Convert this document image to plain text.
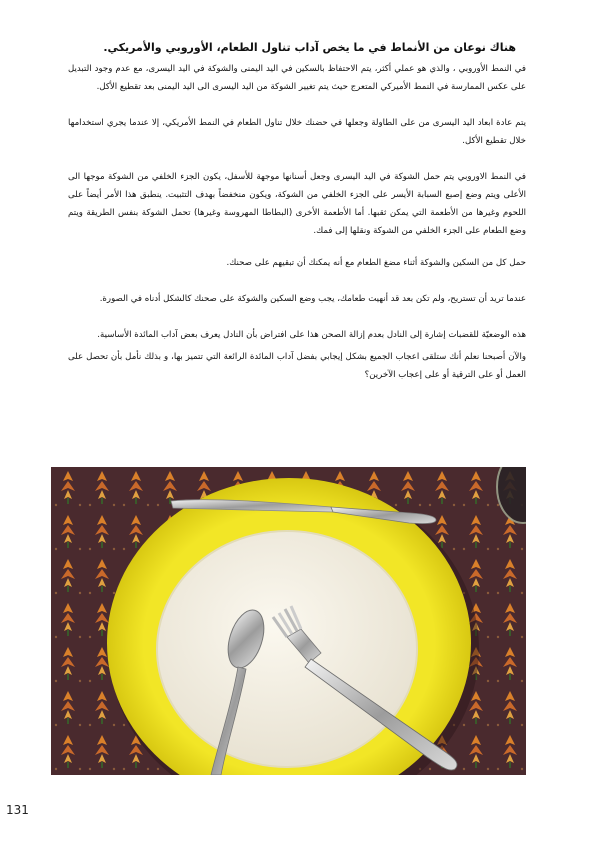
هناك نوعان من الأنماط في ما يخص آداب تناول الطعام، الأوروبي والأمريكي.

في النمط الأوروبي ، والذي هو عملي أكثر، يتم الاحتفاظ بالسكين في اليد اليمنى والشوكة في اليد اليسرى، مع عدم وجود التبديل على عكس الممارسة في النمط الأميركي المتعرج حيث يتم تغيير الشوكة من اليد اليسرى الى اليد اليمنى بعد تقطيع الأكل.

يتم عادة ابعاد اليد اليسرى من على الطاولة وجعلها في حضنك خلال تناول الطعام في النمط الأمريكي، إلا عندما يجري استخدامها خلال تقطيع الأكل.

في النمط الاوروبي يتم حمل الشوكة في اليد اليسرى وجعل أسنانها موجهة للأسفل، يكون الجزء الخلفي من الشوكة موجها الى الأعلى ويتم وضع إصبع السبابة الأيسر على الجزء الخلفي من الشوكة، ويكون منخفضاً بهدف التثبيت. ينطبق هذا الأمر أيضاً على اللحوم وغيرها من الأطعمة التي يمكن ثقبها. أما الأطعمة الأخرى (البطاطا المهروسة وغيرها) تحمل الشوكة بنفس الطريقة ويتم وضع الطعام على الجزء الخلفي من الشوكة ونقلها إلى فمك.

حمل كل من السكين والشوكة أثناء مضغ الطعام مع أنه يمكنك أن تبقيهم على صحنك.

عندما تريد أن تستريح، ولم تكن بعد قد أنهيت طعامك، يجب وضع السكين والشوكة على صحنك كالشكل أدناه في الصورة.

هذه الوضعيّة للقضبات إشارة إلى النادل بعدم إزالة الصحن هذا على افتراض بأن النادل يعرف بعض آداب المائدة الأساسية.

والآن أصبحنا نعلم أنك ستلقى اعجاب الجميع بشكل إيجابي بفضل آداب المائدة الرائعة التي تتميز بها، و بذلك نأمل بأن تحصل على العمل أو على الترقية أو على إعجاب الآخرين؟

131
